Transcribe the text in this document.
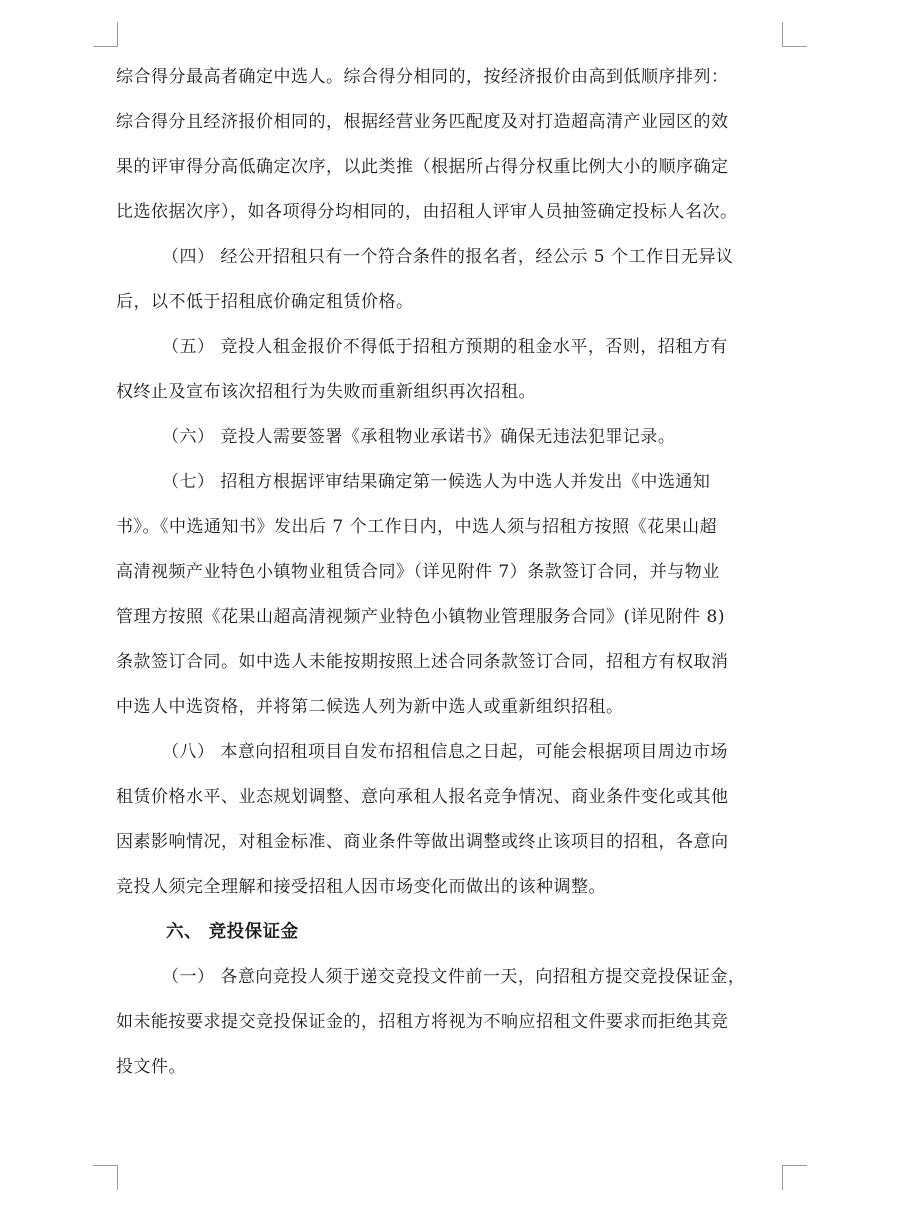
综合得分最高者确定中选人。综合得分相同的，按经济报价由高到低顺序排列：
综合得分且经济报价相同的，根据经营业务匹配度及对打造超高清产业园区的效
果的评审得分高低确定次序，以此类推（根据所占得分权重比例大小的顺序确定
比选依据次序），如各项得分均相同的，由招租人评审人员抽签确定投标人名次。
（四） 经公开招租只有一个符合条件的报名者，经公示 5 个工作日无异议
后，以不低于招租底价确定租赁价格。
（五） 竞投人租金报价不得低于招租方预期的租金水平，否则，招租方有
权终止及宣布该次招租行为失败而重新组织再次招租。
（六） 竞投人需要签署《承租物业承诺书》确保无违法犯罪记录。
（七） 招租方根据评审结果确定第一候选人为中选人并发出《中选通知
书》。《中选通知书》发出后 7 个工作日内，中选人须与招租方按照《花果山超
高清视频产业特色小镇物业租赁合同》（详见附件 7）条款签订合同，并与物业
管理方按照《花果山超高清视频产业特色小镇物业管理服务合同》(详见附件 8)
条款签订合同。如中选人未能按期按照上述合同条款签订合同，招租方有权取消
中选人中选资格，并将第二候选人列为新中选人或重新组织招租。
（八） 本意向招租项目自发布招租信息之日起，可能会根据项目周边市场
租赁价格水平、业态规划调整、意向承租人报名竞争情况、商业条件变化或其他
因素影响情况，对租金标准、商业条件等做出调整或终止该项目的招租，各意向
竞投人须完全理解和接受招租人因市场变化而做出的该种调整。
六、 竞投保证金
（一） 各意向竞投人须于递交竞投文件前一天，向招租方提交竞投保证金，
如未能按要求提交竞投保证金的，招租方将视为不响应招租文件要求而拒绝其竞
投文件。
